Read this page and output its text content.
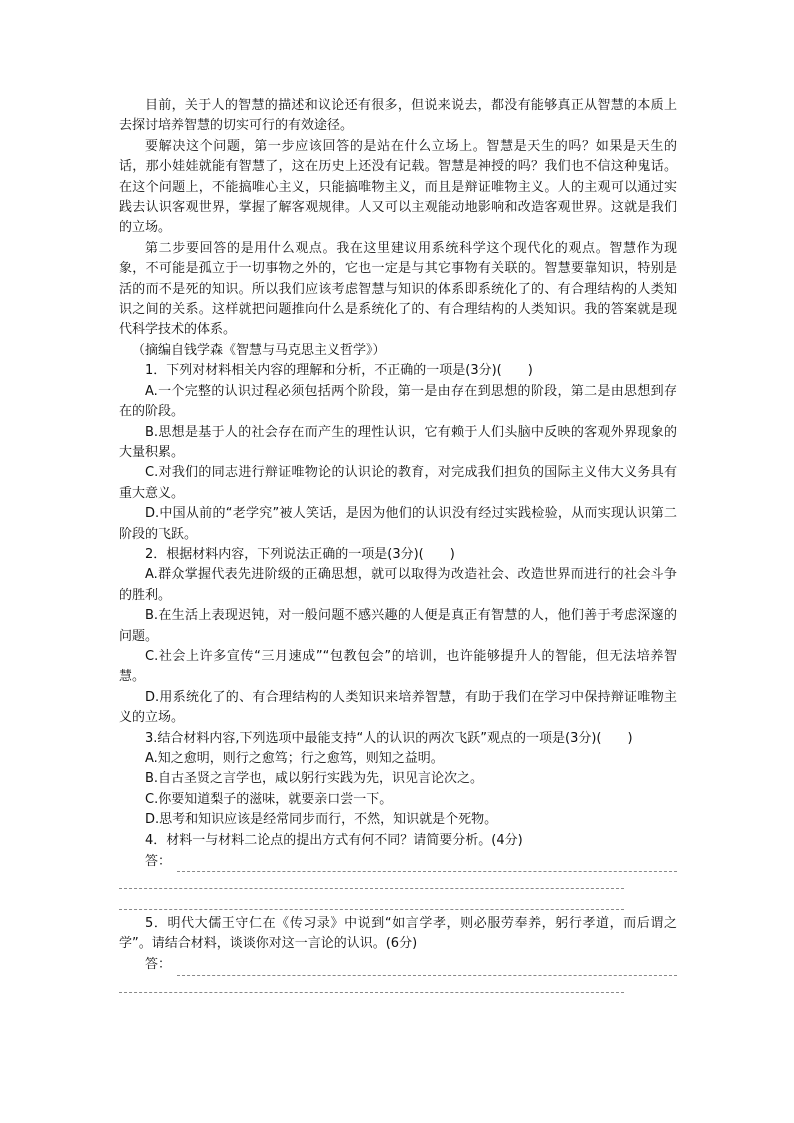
目前，关于人的智慧的描述和议论还有很多，但说来说去，都没有能够真正从智慧的本质上去探讨培养智慧的切实可行的有效途径。

要解决这个问题，第一步应该回答的是站在什么立场上。智慧是天生的吗？如果是天生的话，那小娃娃就能有智慧了，这在历史上还没有记载。智慧是神授的吗？我们也不信这种鬼话。在这个问题上，不能搞唯心主义，只能搞唯物主义，而且是辩证唯物主义。人的主观可以通过实践去认识客观世界，掌握了解客观规律。人又可以主观能动地影响和改造客观世界。这就是我们的立场。

第二步要回答的是用什么观点。我在这里建议用系统科学这个现代化的观点。智慧作为现象，不可能是孤立于一切事物之外的，它也一定是与其它事物有关联的。智慧要靠知识，特别是活的而不是死的知识。所以我们应该考虑智慧与知识的体系即系统化了的、有合理结构的人类知识之间的关系。这样就把问题推向什么是系统化了的、有合理结构的人类知识。我的答案就是现代科学技术的体系。

（摘编自钱学森《智慧与马克思主义哲学》）

1．下列对材料相关内容的理解和分析，不正确的一项是(3分)(　　)

A.一个完整的认识过程必须包括两个阶段，第一是由存在到思想的阶段，第二是由思想到存在的阶段。

B.思想是基于人的社会存在而产生的理性认识，它有赖于人们头脑中反映的客观外界现象的大量积累。

C.对我们的同志进行辩证唯物论的认识论的教育，对完成我们担负的国际主义伟大义务具有重大意义。

D.中国从前的“老学究”被人笑话，是因为他们的认识没有经过实践检验，从而实现认识第二阶段的飞跃。

2．根据材料内容，下列说法正确的一项是(3分)(　　)

A.群众掌握代表先进阶级的正确思想，就可以取得为改造社会、改造世界而进行的社会斗争的胜利。

B.在生活上表现迟钝，对一般问题不感兴趣的人便是真正有智慧的人，他们善于考虑深邃的问题。

C.社会上许多宣传“三月速成”“包教包会”的培训，也许能够提升人的智能，但无法培养智慧。

D.用系统化了的、有合理结构的人类知识来培养智慧，有助于我们在学习中保持辩证唯物主义的立场。

3.结合材料内容,下列选项中最能支持“人的认识的两次飞跃”观点的一项是(3分)(　　)

A.知之愈明，则行之愈笃；行之愈笃，则知之益明。

B.自古圣贤之言学也，咸以躬行实践为先，识见言论次之。

C.你要知道梨子的滋味，就要亲口尝一下。

D.思考和知识应该是经常同步而行，不然，知识就是个死物。

4．材料一与材料二论点的提出方式有何不同？请简要分析。(4分)

答：

5．明代大儒王守仁在《传习录》中说到“如言学孝，则必服劳奉养，躬行孝道，而后谓之学”。请结合材料，谈谈你对这一言论的认识。(6分)

答：
